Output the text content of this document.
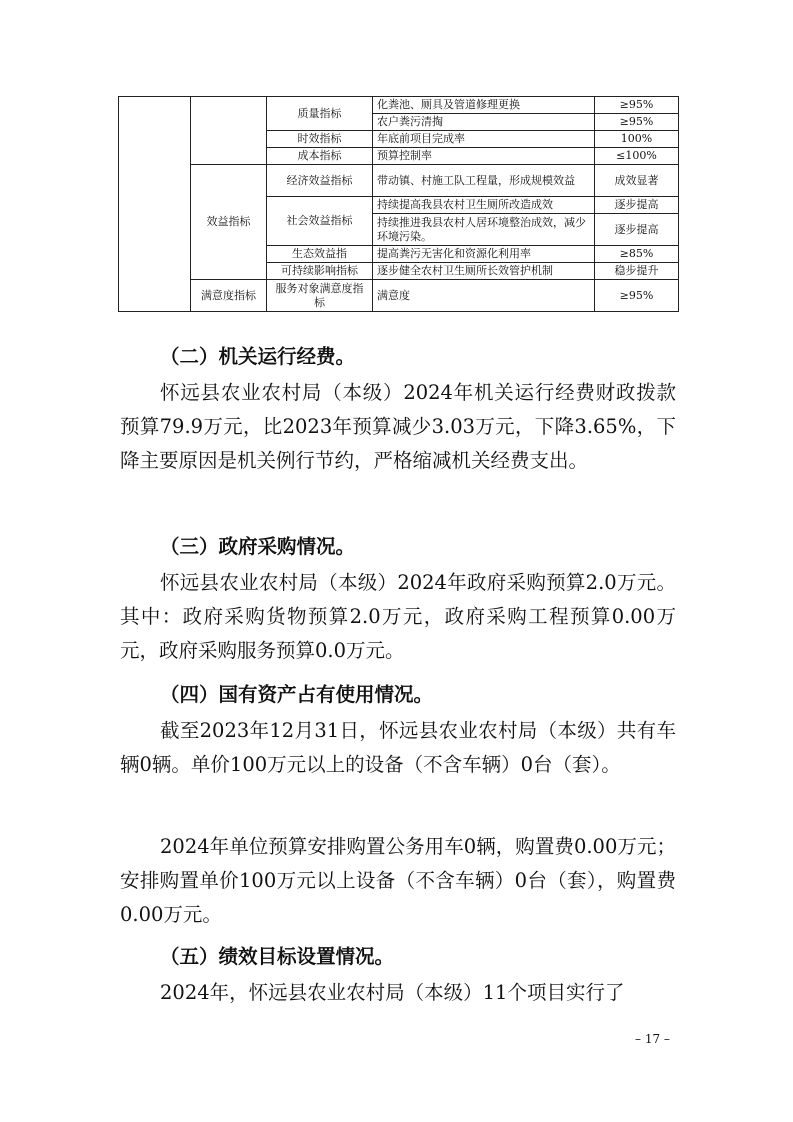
		质量指标	化粪池、厕具及管道修理更换	≥95%
			农户粪污清掏	≥95%
		时效指标	年底前项目完成率	100%
		成本指标	预算控制率	≤100%
	效益指标	经济效益指标	带动镇、村施工队工程量，形成规模效益	成效显著
		社会效益指标	持续提高我县农村卫生厕所改造成效	逐步提高
			持续推进我县农村人居环境整治成效，减少环境污染。	逐步提高
		生态效益指	提高粪污无害化和资源化利用率	≥85%
		可持续影响指标	逐步健全农村卫生厕所长效管护机制	稳步提升
	满意度指标	服务对象满意度指标	满意度	≥95%

（二）机关运行经费。

怀远县农业农村局（本级）2024年机关运行经费财政拨款预算79.9万元，比2023年预算减少3.03万元，下降3.65%，下降主要原因是机关例行节约，严格缩减机关经费支出。

（三）政府采购情况。

怀远县农业农村局（本级）2024年政府采购预算2.0万元。其中：政府采购货物预算2.0万元，政府采购工程预算0.00万元，政府采购服务预算0.0万元。

（四）国有资产占有使用情况。

截至2023年12月31日，怀远县农业农村局（本级）共有车辆0辆。单价100万元以上的设备（不含车辆）0台（套）。

2024年单位预算安排购置公务用车0辆，购置费0.00万元；安排购置单价100万元以上设备（不含车辆）0台（套），购置费0.00万元。

（五）绩效目标设置情况。

2024年，怀远县农业农村局（本级）11个项目实行了

– 17 –
